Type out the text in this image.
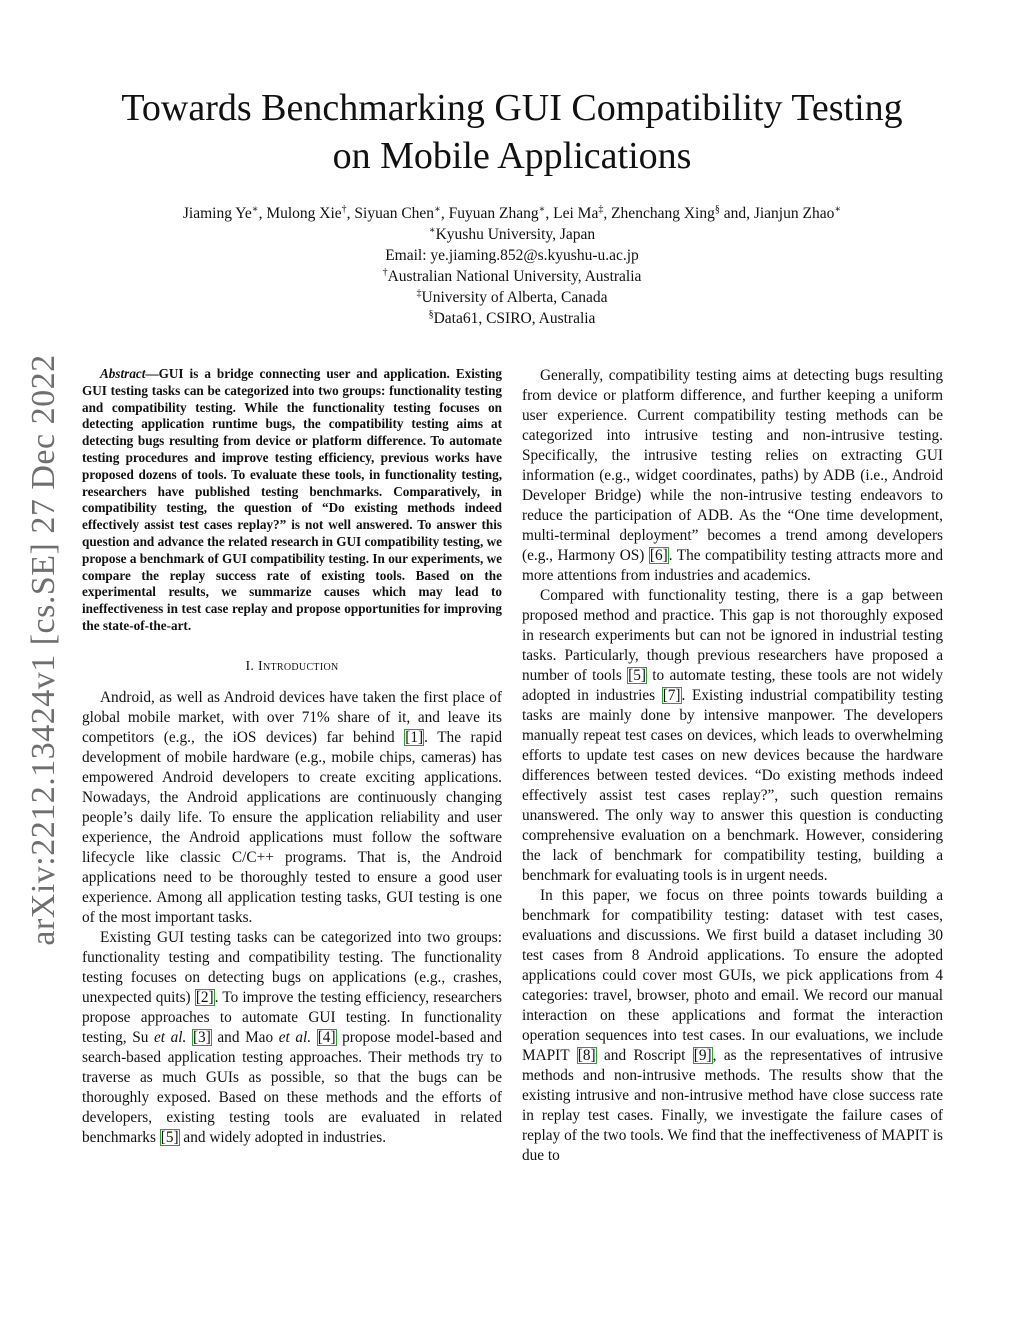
arXiv:2212.13424v1 [cs.SE] 27 Dec 2022
Towards Benchmarking GUI Compatibility Testing
on Mobile Applications
Jiaming Ye∗, Mulong Xie†, Siyuan Chen∗, Fuyuan Zhang∗, Lei Ma‡, Zhenchang Xing§ and, Jianjun Zhao∗
∗Kyushu University, Japan
Email: ye.jiaming.852@s.kyushu-u.ac.jp
†Australian National University, Australia
‡University of Alberta, Canada
§Data61, CSIRO, Australia

Abstract—GUI is a bridge connecting user and application. Existing GUI testing tasks can be categorized into two groups: functionality testing and compatibility testing. While the functionality testing focuses on detecting application runtime bugs, the compatibility testing aims at detecting bugs resulting from device or platform difference. To automate testing procedures and improve testing efficiency, previous works have proposed dozens of tools. To evaluate these tools, in functionality testing, researchers have published testing benchmarks. Comparatively, in compatibility testing, the question of “Do existing methods indeed effectively assist test cases replay?” is not well answered. To answer this question and advance the related research in GUI compatibility testing, we propose a benchmark of GUI compatibility testing. In our experiments, we compare the replay success rate of existing tools. Based on the experimental results, we summarize causes which may lead to ineffectiveness in test case replay and propose opportunities for improving the state-of-the-art.

I. Introduction

Android, as well as Android devices have taken the first place of global mobile market, with over 71% share of it, and leave its competitors (e.g., the iOS devices) far behind [1]. The rapid development of mobile hardware (e.g., mobile chips, cameras) has empowered Android developers to create exciting applications. Nowadays, the Android applications are continuously changing people’s daily life. To ensure the application reliability and user experience, the Android applications must follow the software lifecycle like classic C/C++ programs. That is, the Android applications need to be thoroughly tested to ensure a good user experience. Among all application testing tasks, GUI testing is one of the most important tasks.

Existing GUI testing tasks can be categorized into two groups: functionality testing and compatibility testing. The functionality testing focuses on detecting bugs on applications (e.g., crashes, unexpected quits) [2]. To improve the testing efficiency, researchers propose approaches to automate GUI testing. In functionality testing, Su et al. [3] and Mao et al. [4] propose model-based and search-based application testing approaches. Their methods try to traverse as much GUIs as possible, so that the bugs can be thoroughly exposed. Based on these methods and the efforts of developers, existing testing tools are evaluated in related benchmarks [5] and widely adopted in industries.

Generally, compatibility testing aims at detecting bugs resulting from device or platform difference, and further keeping a uniform user experience. Current compatibility testing methods can be categorized into intrusive testing and non-intrusive testing. Specifically, the intrusive testing relies on extracting GUI information (e.g., widget coordinates, paths) by ADB (i.e., Android Developer Bridge) while the non-intrusive testing endeavors to reduce the participation of ADB. As the “One time development, multi-terminal deployment” becomes a trend among developers (e.g., Harmony OS) [6]. The compatibility testing attracts more and more attentions from industries and academics.

Compared with functionality testing, there is a gap between proposed method and practice. This gap is not thoroughly exposed in research experiments but can not be ignored in industrial testing tasks. Particularly, though previous researchers have proposed a number of tools [5] to automate testing, these tools are not widely adopted in industries [7]. Existing industrial compatibility testing tasks are mainly done by intensive manpower. The developers manually repeat test cases on devices, which leads to overwhelming efforts to update test cases on new devices because the hardware differences between tested devices. “Do existing methods indeed effectively assist test cases replay?”, such question remains unanswered. The only way to answer this question is conducting comprehensive evaluation on a benchmark. However, considering the lack of benchmark for compatibility testing, building a benchmark for evaluating tools is in urgent needs.

In this paper, we focus on three points towards building a benchmark for compatibility testing: dataset with test cases, evaluations and discussions. We first build a dataset including 30 test cases from 8 Android applications. To ensure the adopted applications could cover most GUIs, we pick applications from 4 categories: travel, browser, photo and email. We record our manual interaction on these applications and format the interaction operation sequences into test cases. In our evaluations, we include MAPIT [8] and Roscript [9], as the representatives of intrusive methods and non-intrusive methods. The results show that the existing intrusive and non-intrusive method have close success rate in replay test cases. Finally, we investigate the failure cases of replay of the two tools. We find that the ineffectiveness of MAPIT is due to
